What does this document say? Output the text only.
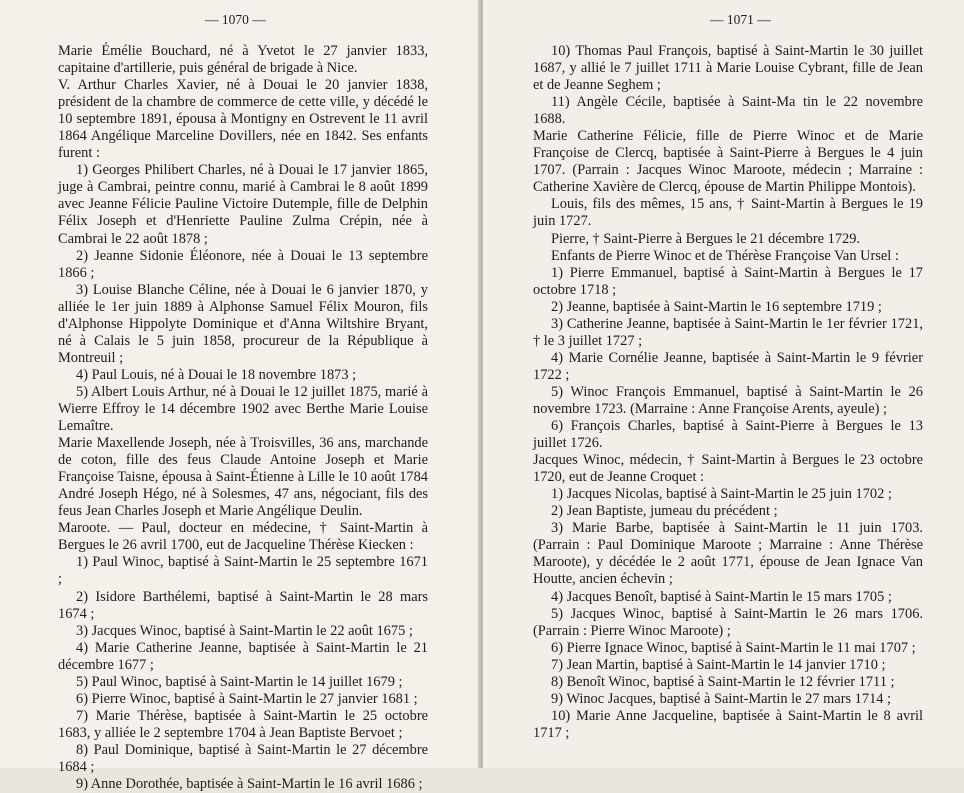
— 1070 —

Marie Émélie Bouchard, né à Yvetot le 27 janvier 1833, capitaine d'artillerie, puis général de brigade à Nice.

V. Arthur Charles Xavier, né à Douai le 20 janvier 1838, président de la chambre de commerce de cette ville, y décédé le 10 septembre 1891, épousa à Montigny en Ostrevent le 11 avril 1864 Angélique Marceline Dovillers, née en 1842. Ses enfants furent :

1) Georges Philibert Charles, né à Douai le 17 janvier 1865, juge à Cambrai, peintre connu, marié à Cambrai le 8 août 1899 avec Jeanne Félicie Pauline Victoire Dutemple, fille de Delphin Félix Joseph et d'Henriette Pauline Zulma Crépin, née à Cambrai le 22 août 1878 ;

2) Jeanne Sidonie Éléonore, née à Douai le 13 septembre 1866 ;

3) Louise Blanche Céline, née à Douai le 6 janvier 1870, y alliée le 1er juin 1889 à Alphonse Samuel Félix Mouron, fils d'Alphonse Hippolyte Dominique et d'Anna Wiltshire Bryant, né à Calais le 5 juin 1858, procureur de la République à Montreuil ;

4) Paul Louis, né à Douai le 18 novembre 1873 ;

5) Albert Louis Arthur, né à Douai le 12 juillet 1875, marié à Wierre Effroy le 14 décembre 1902 avec Berthe Marie Louise Lemaître.

Marie Maxellende Joseph, née à Troisvilles, 36 ans, marchande de coton, fille des feus Claude Antoine Joseph et Marie Françoise Taisne, épousa à Saint-Étienne à Lille le 10 août 1784 André Joseph Hégo, né à Solesmes, 47 ans, négociant, fils des feus Jean Charles Joseph et Marie Angélique Deulin.

Maroote. — Paul, docteur en médecine, † Saint-Martin à Bergues le 26 avril 1700, eut de Jacqueline Thérèse Kiecken :

1) Paul Winoc, baptisé à Saint-Martin le 25 septembre 1671 ;

2) Isidore Barthélemi, baptisé à Saint-Martin le 28 mars 1674 ;

3) Jacques Winoc, baptisé à Saint-Martin le 22 août 1675 ;

4) Marie Catherine Jeanne, baptisée à Saint-Martin le 21 décembre 1677 ;

5) Paul Winoc, baptisé à Saint-Martin le 14 juillet 1679 ;

6) Pierre Winoc, baptisé à Saint-Martin le 27 janvier 1681 ;

7) Marie Thérèse, baptisée à Saint-Martin le 25 octobre 1683, y alliée le 2 septembre 1704 à Jean Baptiste Bervoet ;

8) Paul Dominique, baptisé à Saint-Martin le 27 décembre 1684 ;

9) Anne Dorothée, baptisée à Saint-Martin le 16 avril 1686 ;

— 1071 —

10) Thomas Paul François, baptisé à Saint-Martin le 30 juillet 1687, y allié le 7 juillet 1711 à Marie Louise Cybrant, fille de Jean et de Jeanne Seghem ;

11) Angèle Cécile, baptisée à Saint-Ma tin le 22 novembre 1688.

Marie Catherine Félicie, fille de Pierre Winoc et de Marie Françoise de Clercq, baptisée à Saint-Pierre à Bergues le 4 juin 1707. (Parrain : Jacques Winoc Maroote, médecin ; Marraine : Catherine Xavière de Clercq, épouse de Martin Philippe Montois).

Louis, fils des mêmes, 15 ans, † Saint-Martin à Bergues le 19 juin 1727.

Pierre, † Saint-Pierre à Bergues le 21 décembre 1729.

Enfants de Pierre Winoc et de Thérèse Françoise Van Ursel :

1) Pierre Emmanuel, baptisé à Saint-Martin à Bergues le 17 octobre 1718 ;

2) Jeanne, baptisée à Saint-Martin le 16 septembre 1719 ;

3) Catherine Jeanne, baptisée à Saint-Martin le 1er février 1721, † le 3 juillet 1727 ;

4) Marie Cornélie Jeanne, baptisée à Saint-Martin le 9 février 1722 ;

5) Winoc François Emmanuel, baptisé à Saint-Martin le 26 novembre 1723. (Marraine : Anne Françoise Arents, ayeule) ;

6) François Charles, baptisé à Saint-Pierre à Bergues le 13 juillet 1726.

Jacques Winoc, médecin, † Saint-Martin à Bergues le 23 octobre 1720, eut de Jeanne Croquet :

1) Jacques Nicolas, baptisé à Saint-Martin le 25 juin 1702 ;

2) Jean Baptiste, jumeau du précédent ;

3) Marie Barbe, baptisée à Saint-Martin le 11 juin 1703. (Parrain : Paul Dominique Maroote ; Marraine : Anne Thérèse Maroote), y décédée le 2 août 1771, épouse de Jean Ignace Van Houtte, ancien échevin ;

4) Jacques Benoît, baptisé à Saint-Martin le 15 mars 1705 ;

5) Jacques Winoc, baptisé à Saint-Martin le 26 mars 1706. (Parrain : Pierre Winoc Maroote) ;

6) Pierre Ignace Winoc, baptisé à Saint-Martin le 11 mai 1707 ;

7) Jean Martin, baptisé à Saint-Martin le 14 janvier 1710 ;

8) Benoît Winoc, baptisé à Saint-Martin le 12 février 1711 ;

9) Winoc Jacques, baptisé à Saint-Martin le 27 mars 1714 ;

10) Marie Anne Jacqueline, baptisée à Saint-Martin le 8 avril 1717 ;
